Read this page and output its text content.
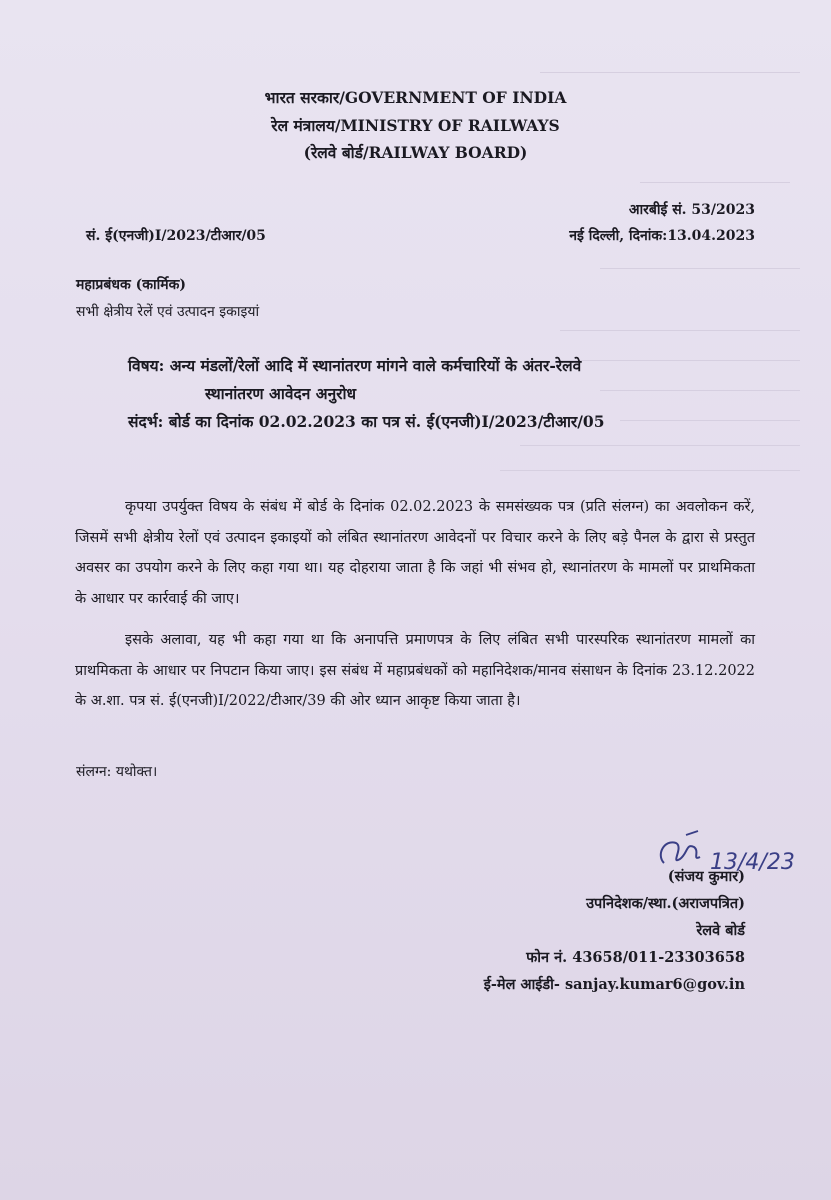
भारत सरकार/GOVERNMENT OF INDIA
रेल मंत्रालय/MINISTRY OF RAILWAYS
(रेलवे बोर्ड/RAILWAY BOARD)
आरबीई सं. 53/2023
सं. ई(एनजी)I/2023/टीआर/05	नई दिल्ली, दिनांक:13.04.2023
महाप्रबंधक (कार्मिक)
सभी क्षेत्रीय रेलें एवं उत्पादन इकाइयां
विषय: अन्य मंडलों/रेलों आदि में स्थानांतरण मांगने वाले कर्मचारियों के अंतर-रेलवे
स्थानांतरण आवेदन अनुरोध
संदर्भ: बोर्ड का दिनांक 02.02.2023 का पत्र सं. ई(एनजी)I/2023/टीआर/05
कृपया उपर्युक्त विषय के संबंध में बोर्ड के दिनांक 02.02.2023 के समसंख्यक पत्र (प्रति संलग्न) का अवलोकन करें, जिसमें सभी क्षेत्रीय रेलों एवं उत्पादन इकाइयों को लंबित स्थानांतरण आवेदनों पर विचार करने के लिए बड़े पैनल के द्वारा से प्रस्तुत अवसर का उपयोग करने के लिए कहा गया था। यह दोहराया जाता है कि जहां भी संभव हो, स्थानांतरण के मामलों पर प्राथमिकता के आधार पर कार्रवाई की जाए।
इसके अलावा, यह भी कहा गया था कि अनापत्ति प्रमाणपत्र के लिए लंबित सभी पारस्परिक स्थानांतरण मामलों का प्राथमिकता के आधार पर निपटान किया जाए। इस संबंध में महाप्रबंधकों को महानिदेशक/मानव संसाधन के दिनांक 23.12.2022 के अ.शा. पत्र सं. ई(एनजी)I/2022/टीआर/39 की ओर ध्यान आकृष्ट किया जाता है।
संलग्न: यथोक्त।
13/4/23
(संजय कुमार)
उपनिदेशक/स्था.(अराजपत्रित)
रेलवे बोर्ड
फोन नं. 43658/011-23303658
ई-मेल आईडी- sanjay.kumar6@gov.in
